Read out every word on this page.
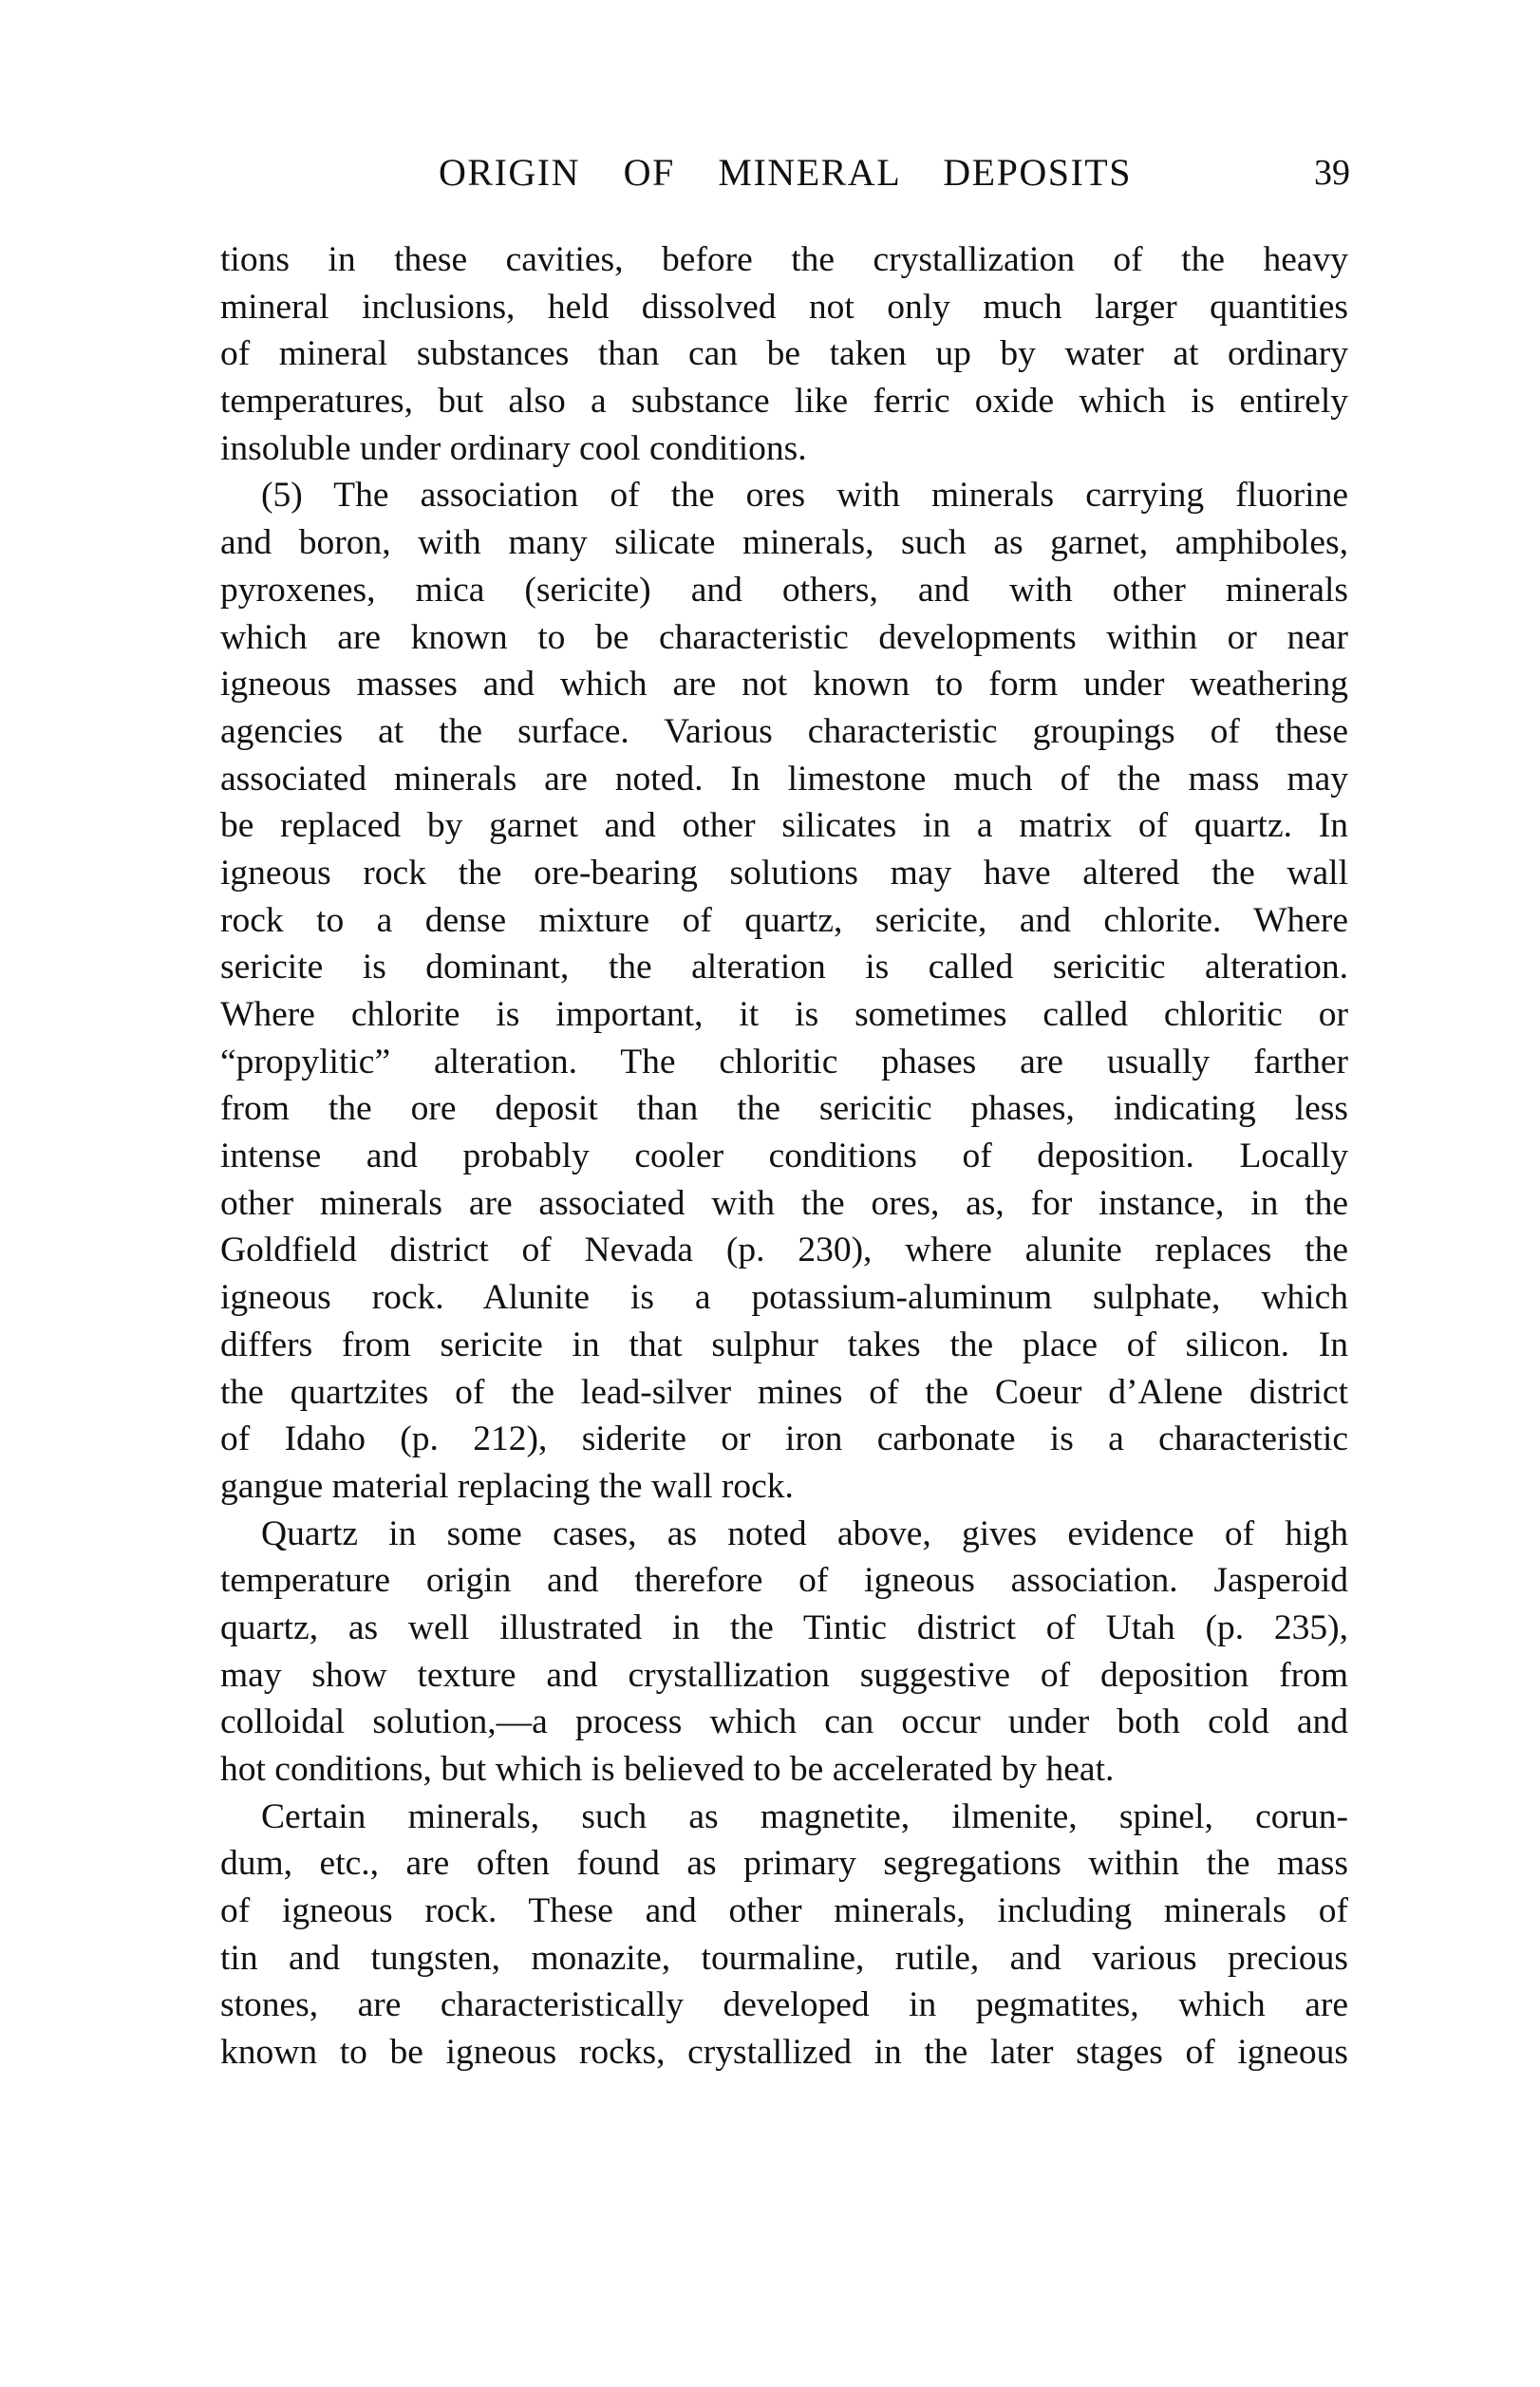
ORIGIN OF MINERAL DEPOSITS	39
tions in these cavities, before the crystallization of the heavy
mineral inclusions, held dissolved not only much larger quantities
of mineral substances than can be taken up by water at ordinary
temperatures, but also a substance like ferric oxide which is entirely
insoluble under ordinary cool conditions.
(5) The association of the ores with minerals carrying fluorine
and boron, with many silicate minerals, such as garnet, amphiboles,
pyroxenes, mica (sericite) and others, and with other minerals
which are known to be characteristic developments within or near
igneous masses and which are not known to form under weathering
agencies at the surface. Various characteristic groupings of these
associated minerals are noted. In limestone much of the mass may
be replaced by garnet and other silicates in a matrix of quartz. In
igneous rock the ore-bearing solutions may have altered the wall
rock to a dense mixture of quartz, sericite, and chlorite. Where
sericite is dominant, the alteration is called sericitic alteration.
Where chlorite is important, it is sometimes called chloritic or
“propylitic” alteration. The chloritic phases are usually farther
from the ore deposit than the sericitic phases, indicating less
intense and probably cooler conditions of deposition. Locally
other minerals are associated with the ores, as, for instance, in the
Goldfield district of Nevada (p. 230), where alunite replaces the
igneous rock. Alunite is a potassium-aluminum sulphate, which
differs from sericite in that sulphur takes the place of silicon. In
the quartzites of the lead-silver mines of the Coeur d’Alene district
of Idaho (p. 212), siderite or iron carbonate is a characteristic
gangue material replacing the wall rock.
Quartz in some cases, as noted above, gives evidence of high
temperature origin and therefore of igneous association. Jasperoid
quartz, as well illustrated in the Tintic district of Utah (p. 235),
may show texture and crystallization suggestive of deposition from
colloidal solution,—a process which can occur under both cold and
hot conditions, but which is believed to be accelerated by heat.
Certain minerals, such as magnetite, ilmenite, spinel, corun-
dum, etc., are often found as primary segregations within the mass
of igneous rock. These and other minerals, including minerals of
tin and tungsten, monazite, tourmaline, rutile, and various precious
stones, are characteristically developed in pegmatites, which are
known to be igneous rocks, crystallized in the later stages of igneous
